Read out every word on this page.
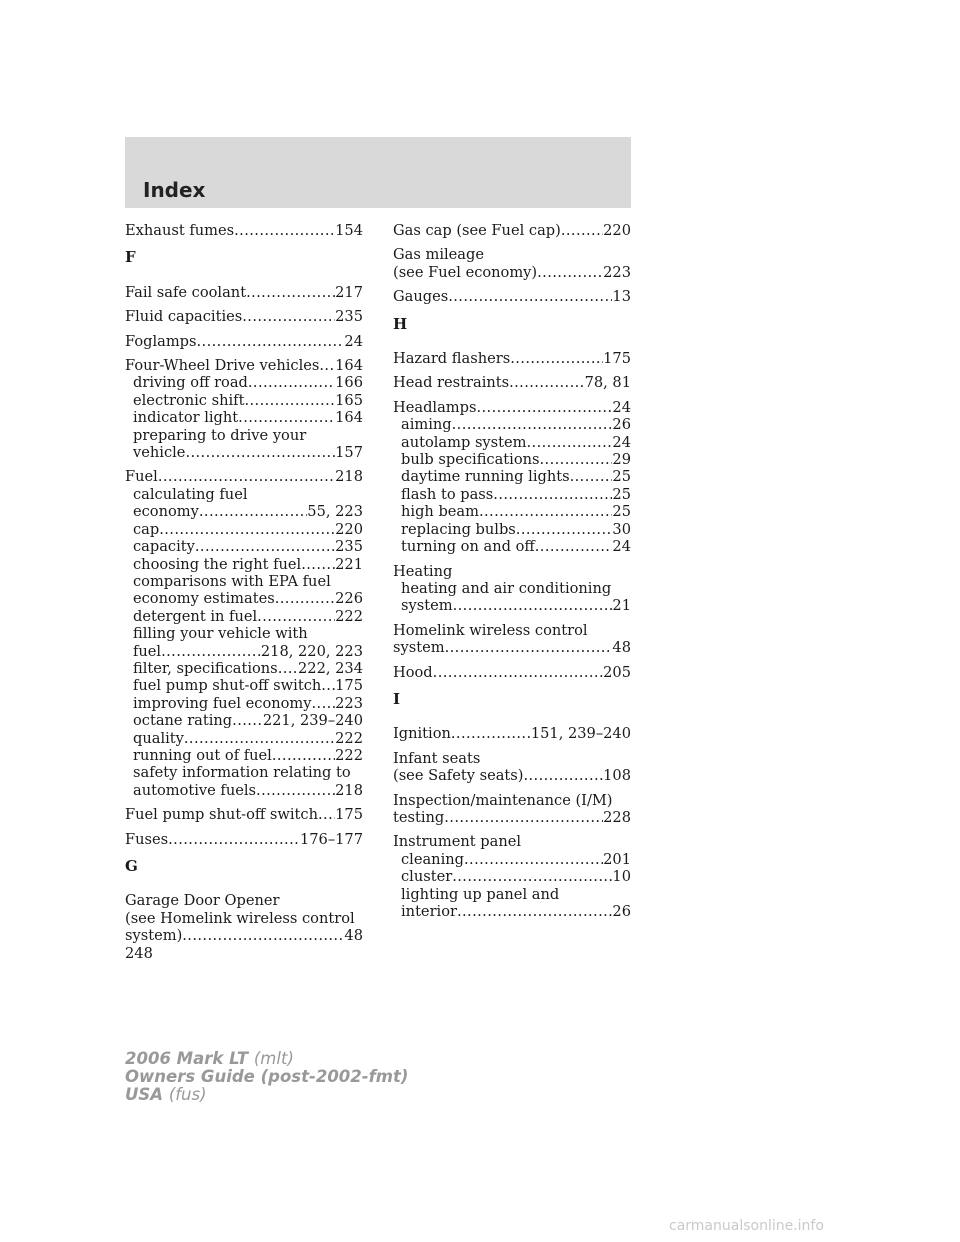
Index
Exhaust fumes .....	154
F
Fail safe coolant .....	217
Fluid capacities .....	235
Foglamps .....	24
Four-Wheel Drive vehicles ..... 164
driving off road .....	166
electronic shift .....	165
indicator light .....	164
preparing to drive your
vehicle .....	157
Fuel .....	218
calculating fuel
economy .....	55, 223
cap .....	220
capacity .....	235
choosing the right fuel ..... 221
comparisons with EPA fuel
economy estimates .....	226
detergent in fuel .....	222
filling your vehicle with
fuel .....	218, 220, 223
filter, specifications ..... 222, 234
fuel pump shut-off switch ..... 175
improving fuel economy ..... 223
octane rating ..... 221, 239–240
quality .....	222
running out of fuel .....	222
safety information relating to
automotive fuels .....	218
Fuel pump shut-off switch ..... 175
Fuses .....	176–177
G
Garage Door Opener
(see Homelink wireless control
system) .....	48
Gas cap (see Fuel cap) .....	220
Gas mileage
(see Fuel economy) .....	223
Gauges .....	13
H
Hazard flashers .....	175
Head restraints .....	78, 81
Headlamps .....	24
aiming .....	26
autolamp system .....	24
bulb specifications .....	29
daytime running lights .....	25
flash to pass .....	25
high beam .....	25
replacing bulbs .....	30
turning on and off .....	24
Heating
heating and air conditioning
system .....	21
Homelink wireless control
system .....	48
Hood .....	205
I
Ignition .....	151, 239–240
Infant seats
(see Safety seats) .....	108
Inspection/maintenance (I/M)
testing .....	228
Instrument panel
cleaning .....	201
cluster .....	10
lighting up panel and
interior .....	26
248
2006 Mark LT (mlt)
Owners Guide (post-2002-fmt)
USA (fus)
carmanualsonline.info
